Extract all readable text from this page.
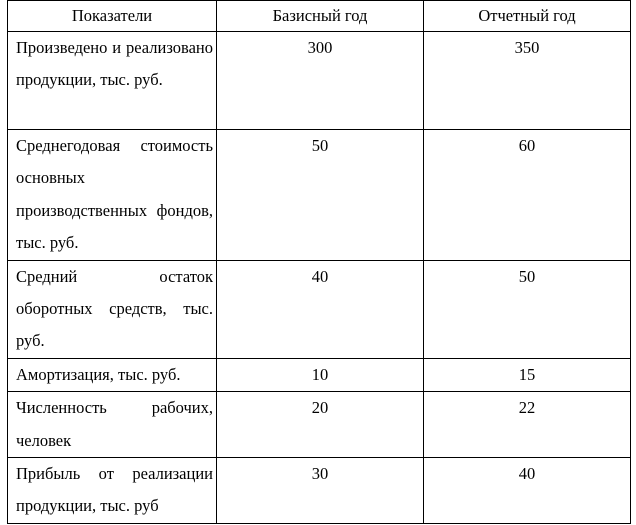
Показатели	Базисный год	Отчетный год
Произведено и реализовано продукции, тыс. руб.	300	350
Среднегодовая стоимость основных производственных фондов, тыс. руб.	50	60
Средний остаток оборотных средств, тыс. руб.	40	50
Амортизация, тыс. руб.	10	15
Численность рабочих, человек	20	22
Прибыль от реализации продукции, тыс. руб	30	40
